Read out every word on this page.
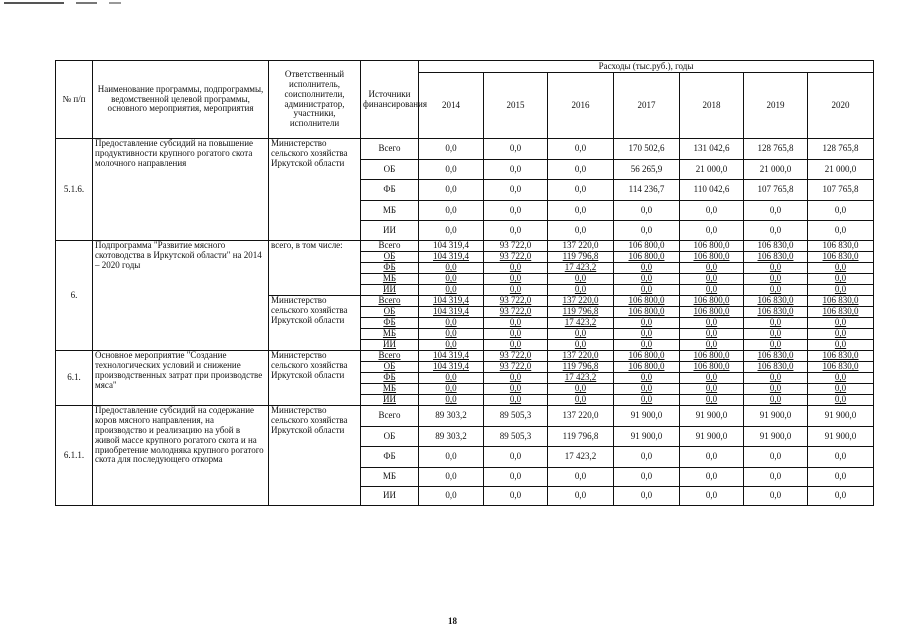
№ п/п	Наименование программы, подпрограммы, ведомственной целевой программы, основного мероприятия, мероприятия	Ответственный исполнитель, соисполнители, администратор, участники, исполнители	Источники финансирования	Расходы (тыс.руб.), годы						
				2014	2015	2016	2017	2018	2019	2020
5.1.6.	Предоставление субсидий на повышение продуктивности крупного рогатого скота молочного направления	Министерство сельского хозяйства Иркутской области	Всего	0,0	0,0	0,0	170 502,6	131 042,6	128 765,8	128 765,8
			ОБ	0,0	0,0	0,0	56 265,9	21 000,0	21 000,0	21 000,0
			ФБ	0,0	0,0	0,0	114 236,7	110 042,6	107 765,8	107 765,8
			МБ	0,0	0,0	0,0	0,0	0,0	0,0	0,0
			ИИ	0,0	0,0	0,0	0,0	0,0	0,0	0,0
6.	Подпрограмма "Развитие мясного скотоводства в Иркутской области" на 2014 – 2020 годы	всего, в том числе:	Всего	104 319,4	93 722,0	137 220,0	106 800,0	106 800,0	106 830,0	106 830,0
			ОБ	104 319,4	93 722,0	119 796,8	106 800,0	106 800,0	106 830,0	106 830,0
			ФБ	0,0	0,0	17 423,2	0,0	0,0	0,0	0,0
			МБ	0,0	0,0	0,0	0,0	0,0	0,0	0,0
			ИИ	0,0	0,0	0,0	0,0	0,0	0,0	0,0
		Министерство сельского хозяйства Иркутской области	Всего	104 319,4	93 722,0	137 220,0	106 800,0	106 800,0	106 830,0	106 830,0
			ОБ	104 319,4	93 722,0	119 796,8	106 800,0	106 800,0	106 830,0	106 830,0
			ФБ	0,0	0,0	17 423,2	0,0	0,0	0,0	0,0
			МБ	0,0	0,0	0,0	0,0	0,0	0,0	0,0
			ИИ	0,0	0,0	0,0	0,0	0,0	0,0	0,0
6.1.	Основное мероприятие "Создание технологических условий и снижение производственных затрат при производстве мяса"	Министерство сельского хозяйства Иркутской области	Всего	104 319,4	93 722,0	137 220,0	106 800,0	106 800,0	106 830,0	106 830,0
			ОБ	104 319,4	93 722,0	119 796,8	106 800,0	106 800,0	106 830,0	106 830,0
			ФБ	0,0	0,0	17 423,2	0,0	0,0	0,0	0,0
			МБ	0,0	0,0	0,0	0,0	0,0	0,0	0,0
			ИИ	0,0	0,0	0,0	0,0	0,0	0,0	0,0
6.1.1.	Предоставление субсидий на содержание коров мясного направления, на производство и реализацию на убой в живой массе крупного рогатого скота и на приобретение молодняка крупного рогатого скота для последующего откорма	Министерство сельского хозяйства Иркутской области	Всего	89 303,2	89 505,3	137 220,0	91 900,0	91 900,0	91 900,0	91 900,0
			ОБ	89 303,2	89 505,3	119 796,8	91 900,0	91 900,0	91 900,0	91 900,0
			ФБ	0,0	0,0	17 423,2	0,0	0,0	0,0	0,0
			МБ	0,0	0,0	0,0	0,0	0,0	0,0	0,0
			ИИ	0,0	0,0	0,0	0,0	0,0	0,0	0,0
18
